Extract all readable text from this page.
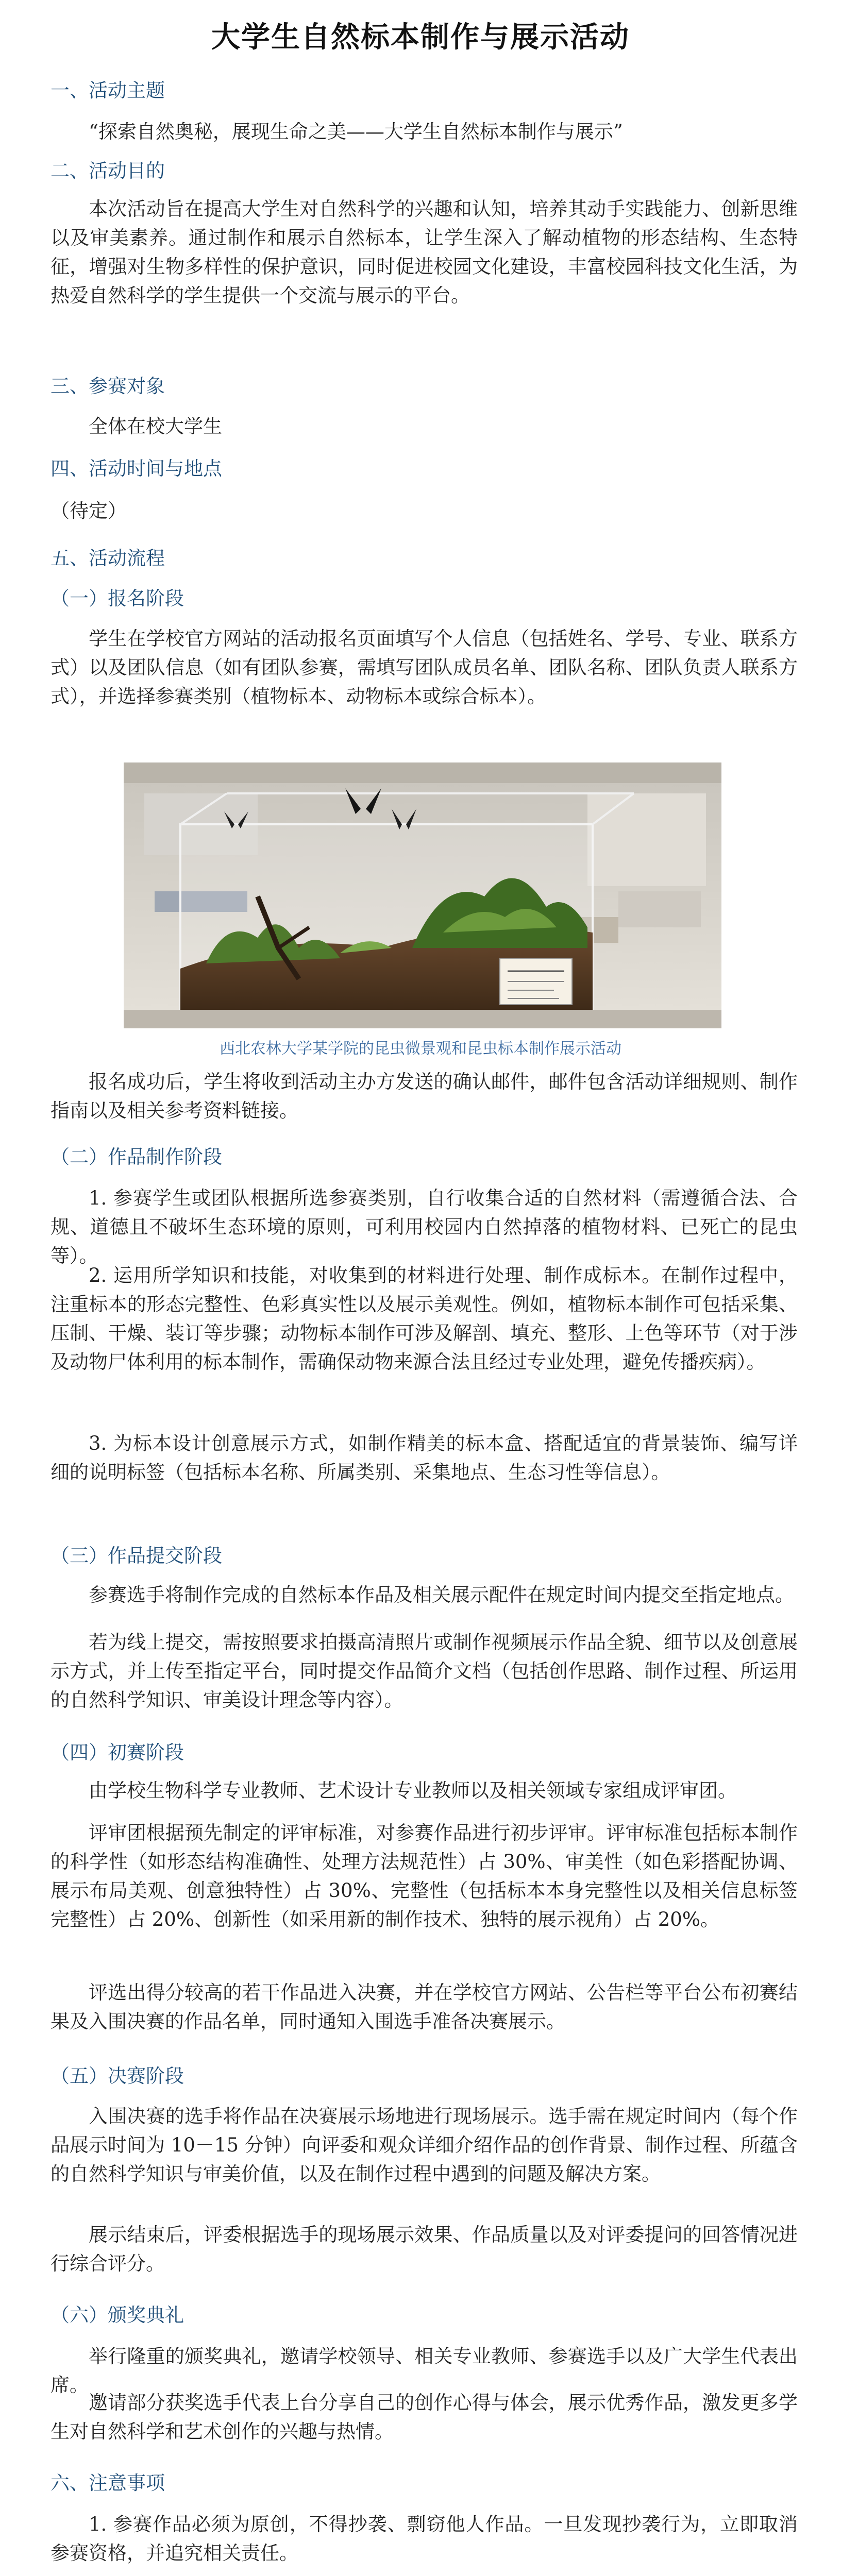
大学生自然标本制作与展示活动
一、活动主题

“探索自然奥秘，展现生命之美——大学生自然标本制作与展示”

二、活动目的

本次活动旨在提高大学生对自然科学的兴趣和认知，培养其动手实践能力、创新思维以及审美素养。通过制作和展示自然标本，让学生深入了解动植物的形态结构、生态特征，增强对生物多样性的保护意识，同时促进校园文化建设，丰富校园科技文化生活，为热爱自然科学的学生提供一个交流与展示的平台。

三、参赛对象

全体在校大学生

四、活动时间与地点

（待定）

五、活动流程
（一）报名阶段

学生在学校官方网站的活动报名页面填写个人信息（包括姓名、学号、专业、联系方式）以及团队信息（如有团队参赛，需填写团队成员名单、团队名称、团队负责人联系方式），并选择参赛类别（植物标本、动物标本或综合标本）。

西北农林大学某学院的昆虫微景观和昆虫标本制作展示活动

报名成功后，学生将收到活动主办方发送的确认邮件，邮件包含活动详细规则、制作指南以及相关参考资料链接。

（二）作品制作阶段

1. 参赛学生或团队根据所选参赛类别，自行收集合适的自然材料（需遵循合法、合规、道德且不破坏生态环境的原则，可利用校园内自然掉落的植物材料、已死亡的昆虫等）。

2. 运用所学知识和技能，对收集到的材料进行处理、制作成标本。在制作过程中，注重标本的形态完整性、色彩真实性以及展示美观性。例如，植物标本制作可包括采集、压制、干燥、装订等步骤；动物标本制作可涉及解剖、填充、整形、上色等环节（对于涉及动物尸体利用的标本制作，需确保动物来源合法且经过专业处理，避免传播疾病）。

3. 为标本设计创意展示方式，如制作精美的标本盒、搭配适宜的背景装饰、编写详细的说明标签（包括标本名称、所属类别、采集地点、生态习性等信息）。

（三）作品提交阶段

参赛选手将制作完成的自然标本作品及相关展示配件在规定时间内提交至指定地点。

若为线上提交，需按照要求拍摄高清照片或制作视频展示作品全貌、细节以及创意展示方式，并上传至指定平台，同时提交作品简介文档（包括创作思路、制作过程、所运用的自然科学知识、审美设计理念等内容）。

（四）初赛阶段

由学校生物科学专业教师、艺术设计专业教师以及相关领域专家组成评审团。

评审团根据预先制定的评审标准，对参赛作品进行初步评审。评审标准包括标本制作的科学性（如形态结构准确性、处理方法规范性）占 30%、审美性（如色彩搭配协调、展示布局美观、创意独特性）占 30%、完整性（包括标本本身完整性以及相关信息标签完整性）占 20%、创新性（如采用新的制作技术、独特的展示视角）占 20%。

评选出得分较高的若干作品进入决赛，并在学校官方网站、公告栏等平台公布初赛结果及入围决赛的作品名单，同时通知入围选手准备决赛展示。

（五）决赛阶段

入围决赛的选手将作品在决赛展示场地进行现场展示。选手需在规定时间内（每个作品展示时间为 10－15 分钟）向评委和观众详细介绍作品的创作背景、制作过程、所蕴含的自然科学知识与审美价值，以及在制作过程中遇到的问题及解决方案。

展示结束后，评委根据选手的现场展示效果、作品质量以及对评委提问的回答情况进行综合评分。

（六）颁奖典礼

举行隆重的颁奖典礼，邀请学校领导、相关专业教师、参赛选手以及广大学生代表出席。

邀请部分获奖选手代表上台分享自己的创作心得与体会，展示优秀作品，激发更多学生对自然科学和艺术创作的兴趣与热情。

六、注意事项

1. 参赛作品必须为原创，不得抄袭、剽窃他人作品。一旦发现抄袭行为，立即取消参赛资格，并追究相关责任。
